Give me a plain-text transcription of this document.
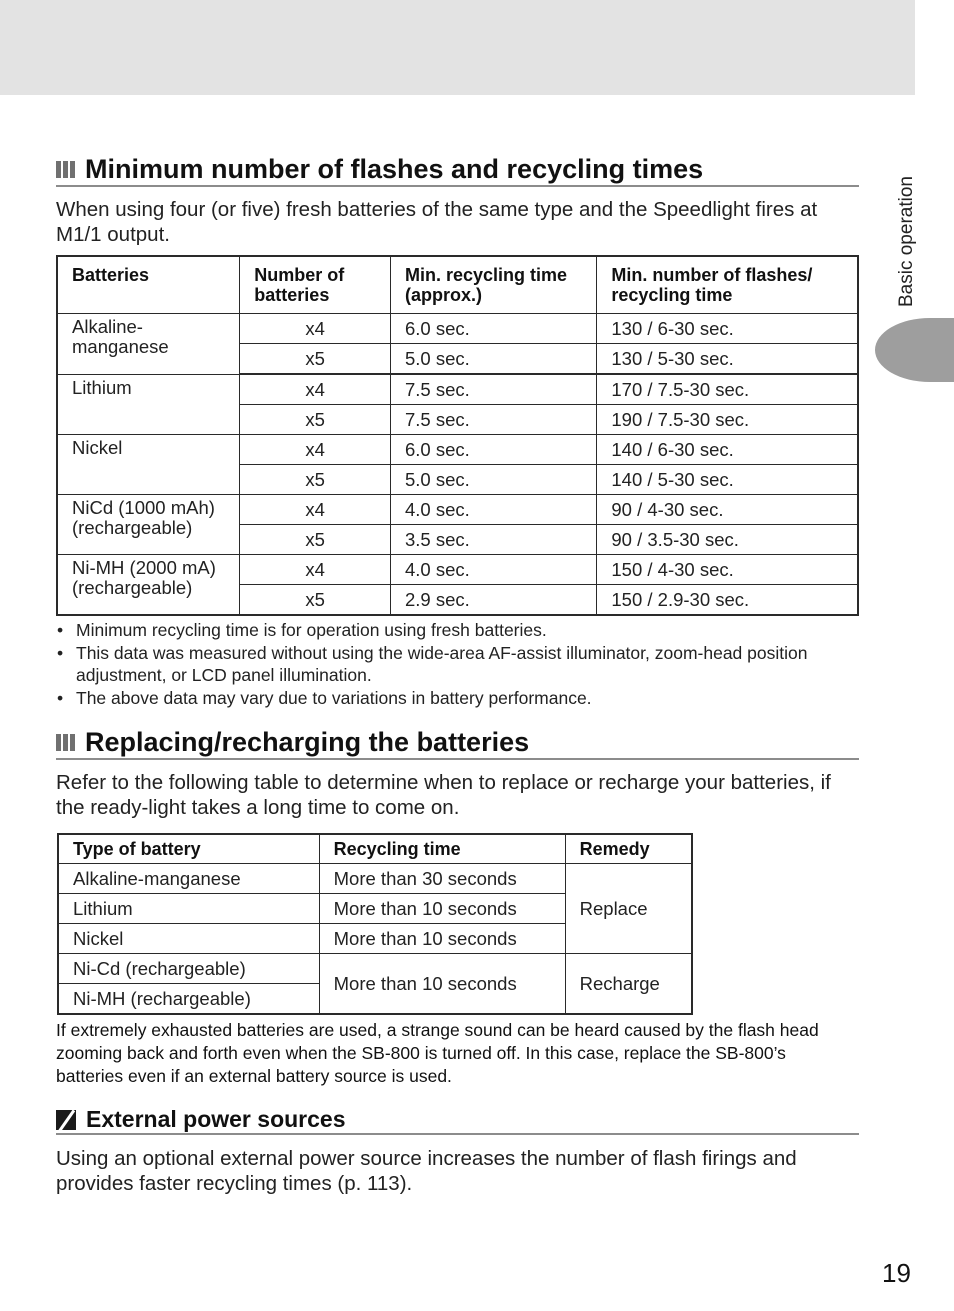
Basic operation
Minimum number of flashes and recycling times
When using four (or five) fresh batteries of the same type and the Speedlight fires at M1/1 output.
Batteries	Number of batteries	Min. recycling time (approx.)	Min. number of flashes/ recycling time
Alkaline-manganese	x4	6.0 sec.	130 / 6-30 sec.
	x5	5.0 sec.	130 / 5-30 sec.
Lithium	x4	7.5 sec.	170 / 7.5-30 sec.
	x5	7.5 sec.	190 / 7.5-30 sec.
Nickel	x4	6.0 sec.	140 / 6-30 sec.
	x5	5.0 sec.	140 / 5-30 sec.
NiCd (1000 mAh) (rechargeable)	x4	4.0 sec.	90 / 4-30 sec.
	x5	3.5 sec.	90 / 3.5-30 sec.
Ni-MH (2000 mA) (rechargeable)	x4	4.0 sec.	150 / 4-30 sec.
	x5	2.9 sec.	150 / 2.9-30 sec.
• Minimum recycling time is for operation using fresh batteries.
• This data was measured without using the wide-area AF-assist illuminator, zoom-head position adjustment, or LCD panel illumination.
• The above data may vary due to variations in battery performance.
Replacing/recharging the batteries
Refer to the following table to determine when to replace or recharge your batteries, if the ready-light takes a long time to come on.
Type of battery	Recycling time	Remedy
Alkaline-manganese	More than 30 seconds	Replace
Lithium	More than 10 seconds	
Nickel	More than 10 seconds	
Ni-Cd (rechargeable)	More than 10 seconds	Recharge
Ni-MH (rechargeable)		
If extremely exhausted batteries are used, a strange sound can be heard caused by the flash head zooming back and forth even when the SB-800 is turned off. In this case, replace the SB-800’s batteries even if an external battery source is used.
External power sources
Using an optional external power source increases the number of flash firings and provides faster recycling times (p. 113).
19
